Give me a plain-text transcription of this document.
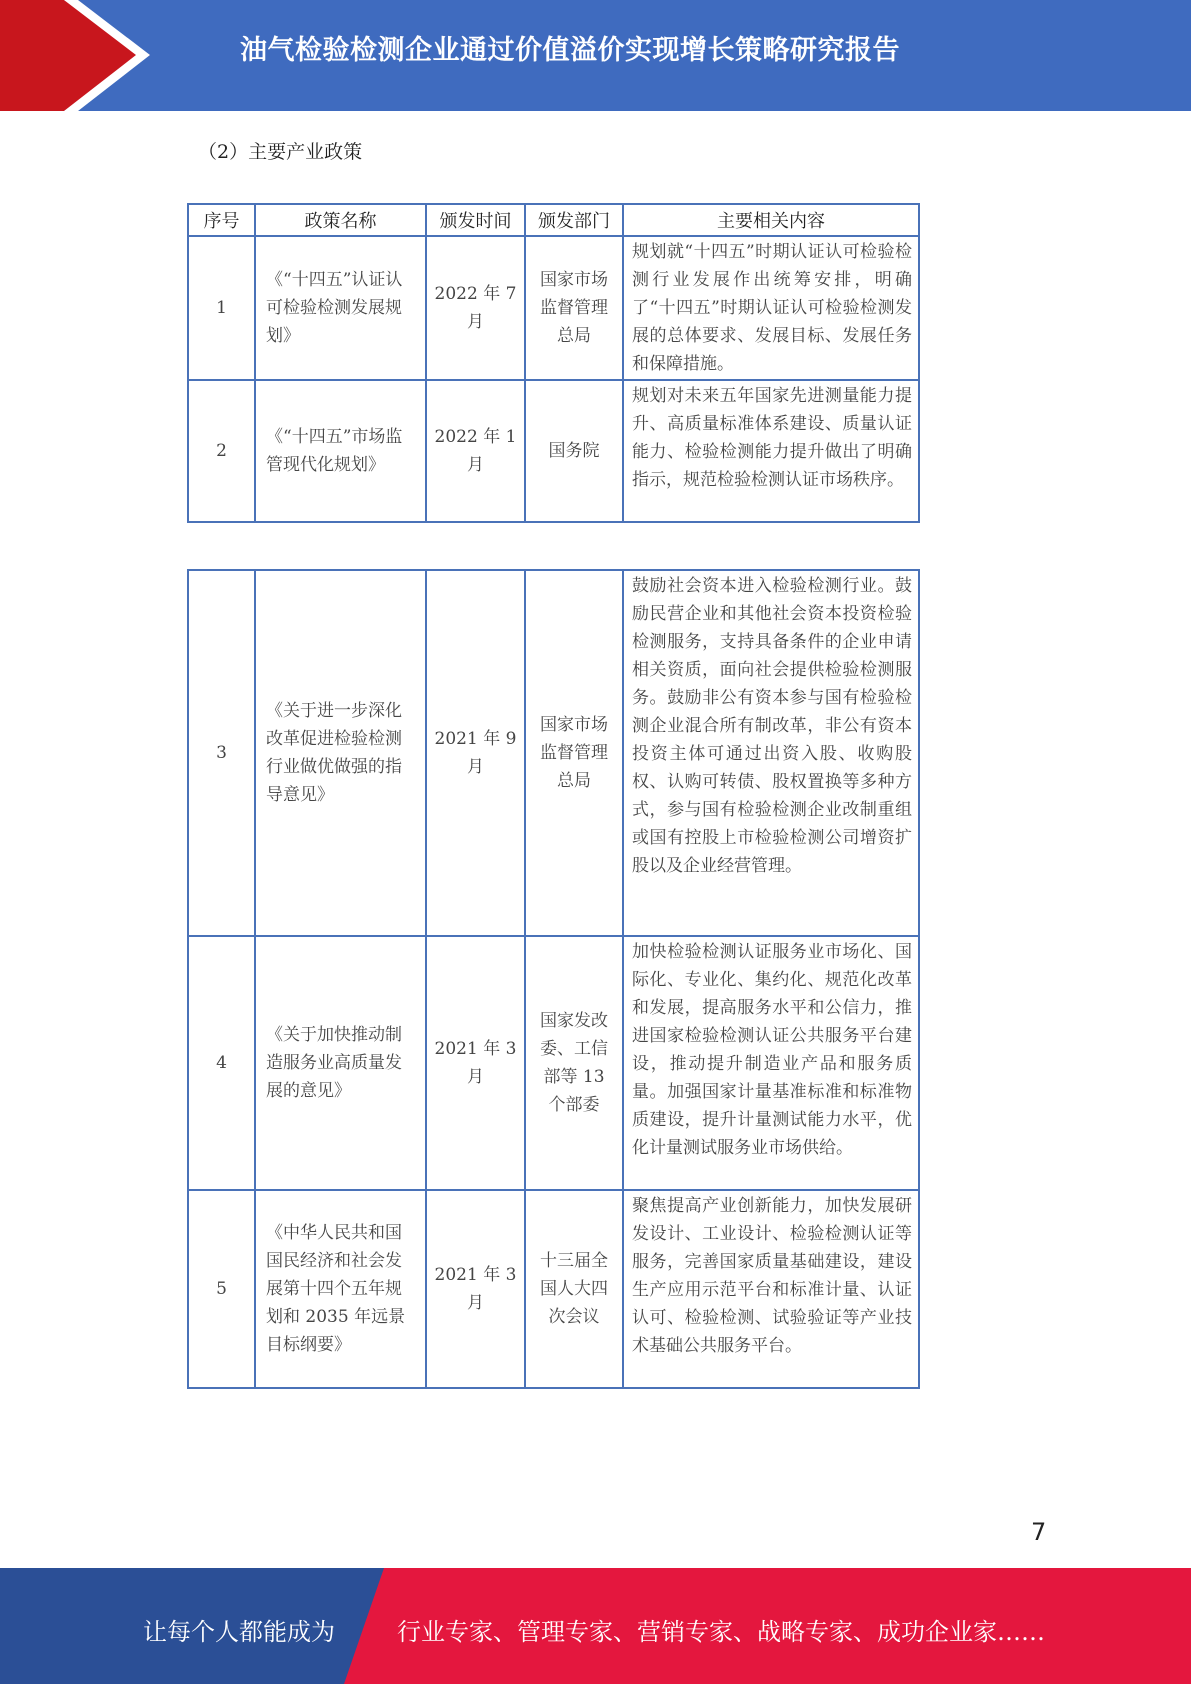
油气检验检测企业通过价值溢价实现增长策略研究报告
（2）主要产业政策
序号	政策名称	颁发时间	颁发部门	主要相关内容
1	《“十四五”认证认可检验检测发展规划》	2022 年 7 月	国家市场监督管理总局	规划就“十四五”时期认证认可检验检测行业发展作出统筹安排，明确了“十四五”时期认证认可检验检测发展的总体要求、发展目标、发展任务和保障措施。
2	《“十四五”市场监管现代化规划》	2022 年 1 月	国务院	规划对未来五年国家先进测量能力提升、高质量标准体系建设、质量认证能力、检验检测能力提升做出了明确指示，规范检验检测认证市场秩序。
3	《关于进一步深化改革促进检验检测行业做优做强的指导意见》	2021 年 9 月	国家市场监督管理总局	鼓励社会资本进入检验检测行业。鼓励民营企业和其他社会资本投资检验检测服务，支持具备条件的企业申请相关资质，面向社会提供检验检测服务。鼓励非公有资本参与国有检验检测企业混合所有制改革，非公有资本投资主体可通过出资入股、收购股权、认购可转债、股权置换等多种方式，参与国有检验检测企业改制重组或国有控股上市检验检测公司增资扩股以及企业经营管理。
4	《关于加快推动制造服务业高质量发展的意见》	2021 年 3 月	国家发改委、工信部等 13 个部委	加快检验检测认证服务业市场化、国际化、专业化、集约化、规范化改革和发展，提高服务水平和公信力，推进国家检验检测认证公共服务平台建设，推动提升制造业产品和服务质量。加强国家计量基准标准和标准物质建设，提升计量测试能力水平，优化计量测试服务业市场供给。
5	《中华人民共和国国民经济和社会发展第十四个五年规划和 2035 年远景目标纲要》	2021 年 3 月	十三届全国人大四次会议	聚焦提高产业创新能力，加快发展研发设计、工业设计、检验检测认证等服务，完善国家质量基础建设，建设生产应用示范平台和标准计量、认证认可、检验检测、试验验证等产业技术基础公共服务平台。
7
让每个人都能成为	行业专家、管理专家、营销专家、战略专家、成功企业家……
